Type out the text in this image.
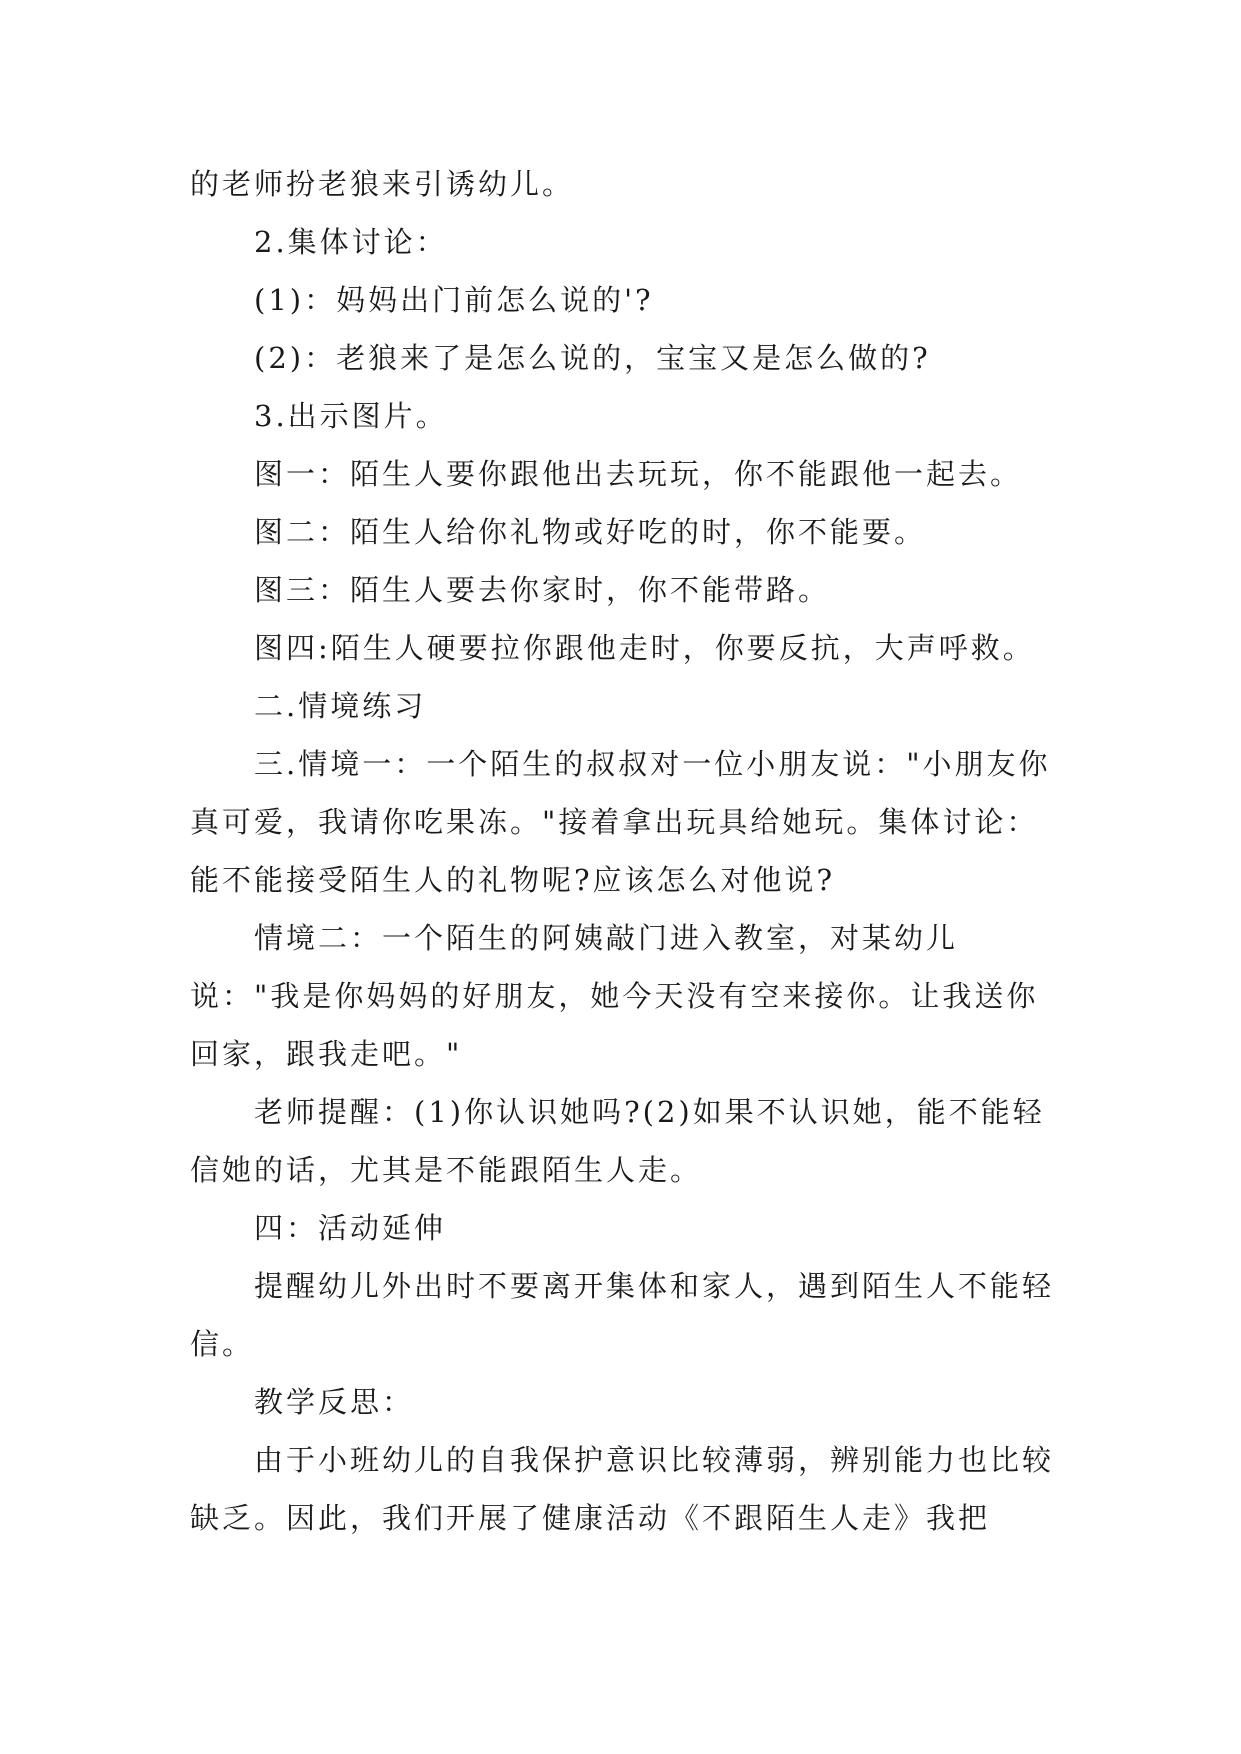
的老师扮老狼来引诱幼儿。

2.集体讨论：

(1)：妈妈出门前怎么说的'?

(2)：老狼来了是怎么说的，宝宝又是怎么做的?

3.出示图片。

图一：陌生人要你跟他出去玩玩，你不能跟他一起去。

图二：陌生人给你礼物或好吃的时，你不能要。

图三：陌生人要去你家时，你不能带路。

图四:陌生人硬要拉你跟他走时，你要反抗，大声呼救。

二.情境练习

三.情境一：一个陌生的叔叔对一位小朋友说："小朋友你真可爱，我请你吃果冻。"接着拿出玩具给她玩。集体讨论：能不能接受陌生人的礼物呢?应该怎么对他说?

情境二：一个陌生的阿姨敲门进入教室，对某幼儿说："我是你妈妈的好朋友，她今天没有空来接你。让我送你回家，跟我走吧。"

老师提醒：(1)你认识她吗?(2)如果不认识她，能不能轻信她的话，尤其是不能跟陌生人走。

四：活动延伸

提醒幼儿外出时不要离开集体和家人，遇到陌生人不能轻信。

教学反思：

由于小班幼儿的自我保护意识比较薄弱，辨别能力也比较缺乏。因此，我们开展了健康活动《不跟陌生人走》我把
